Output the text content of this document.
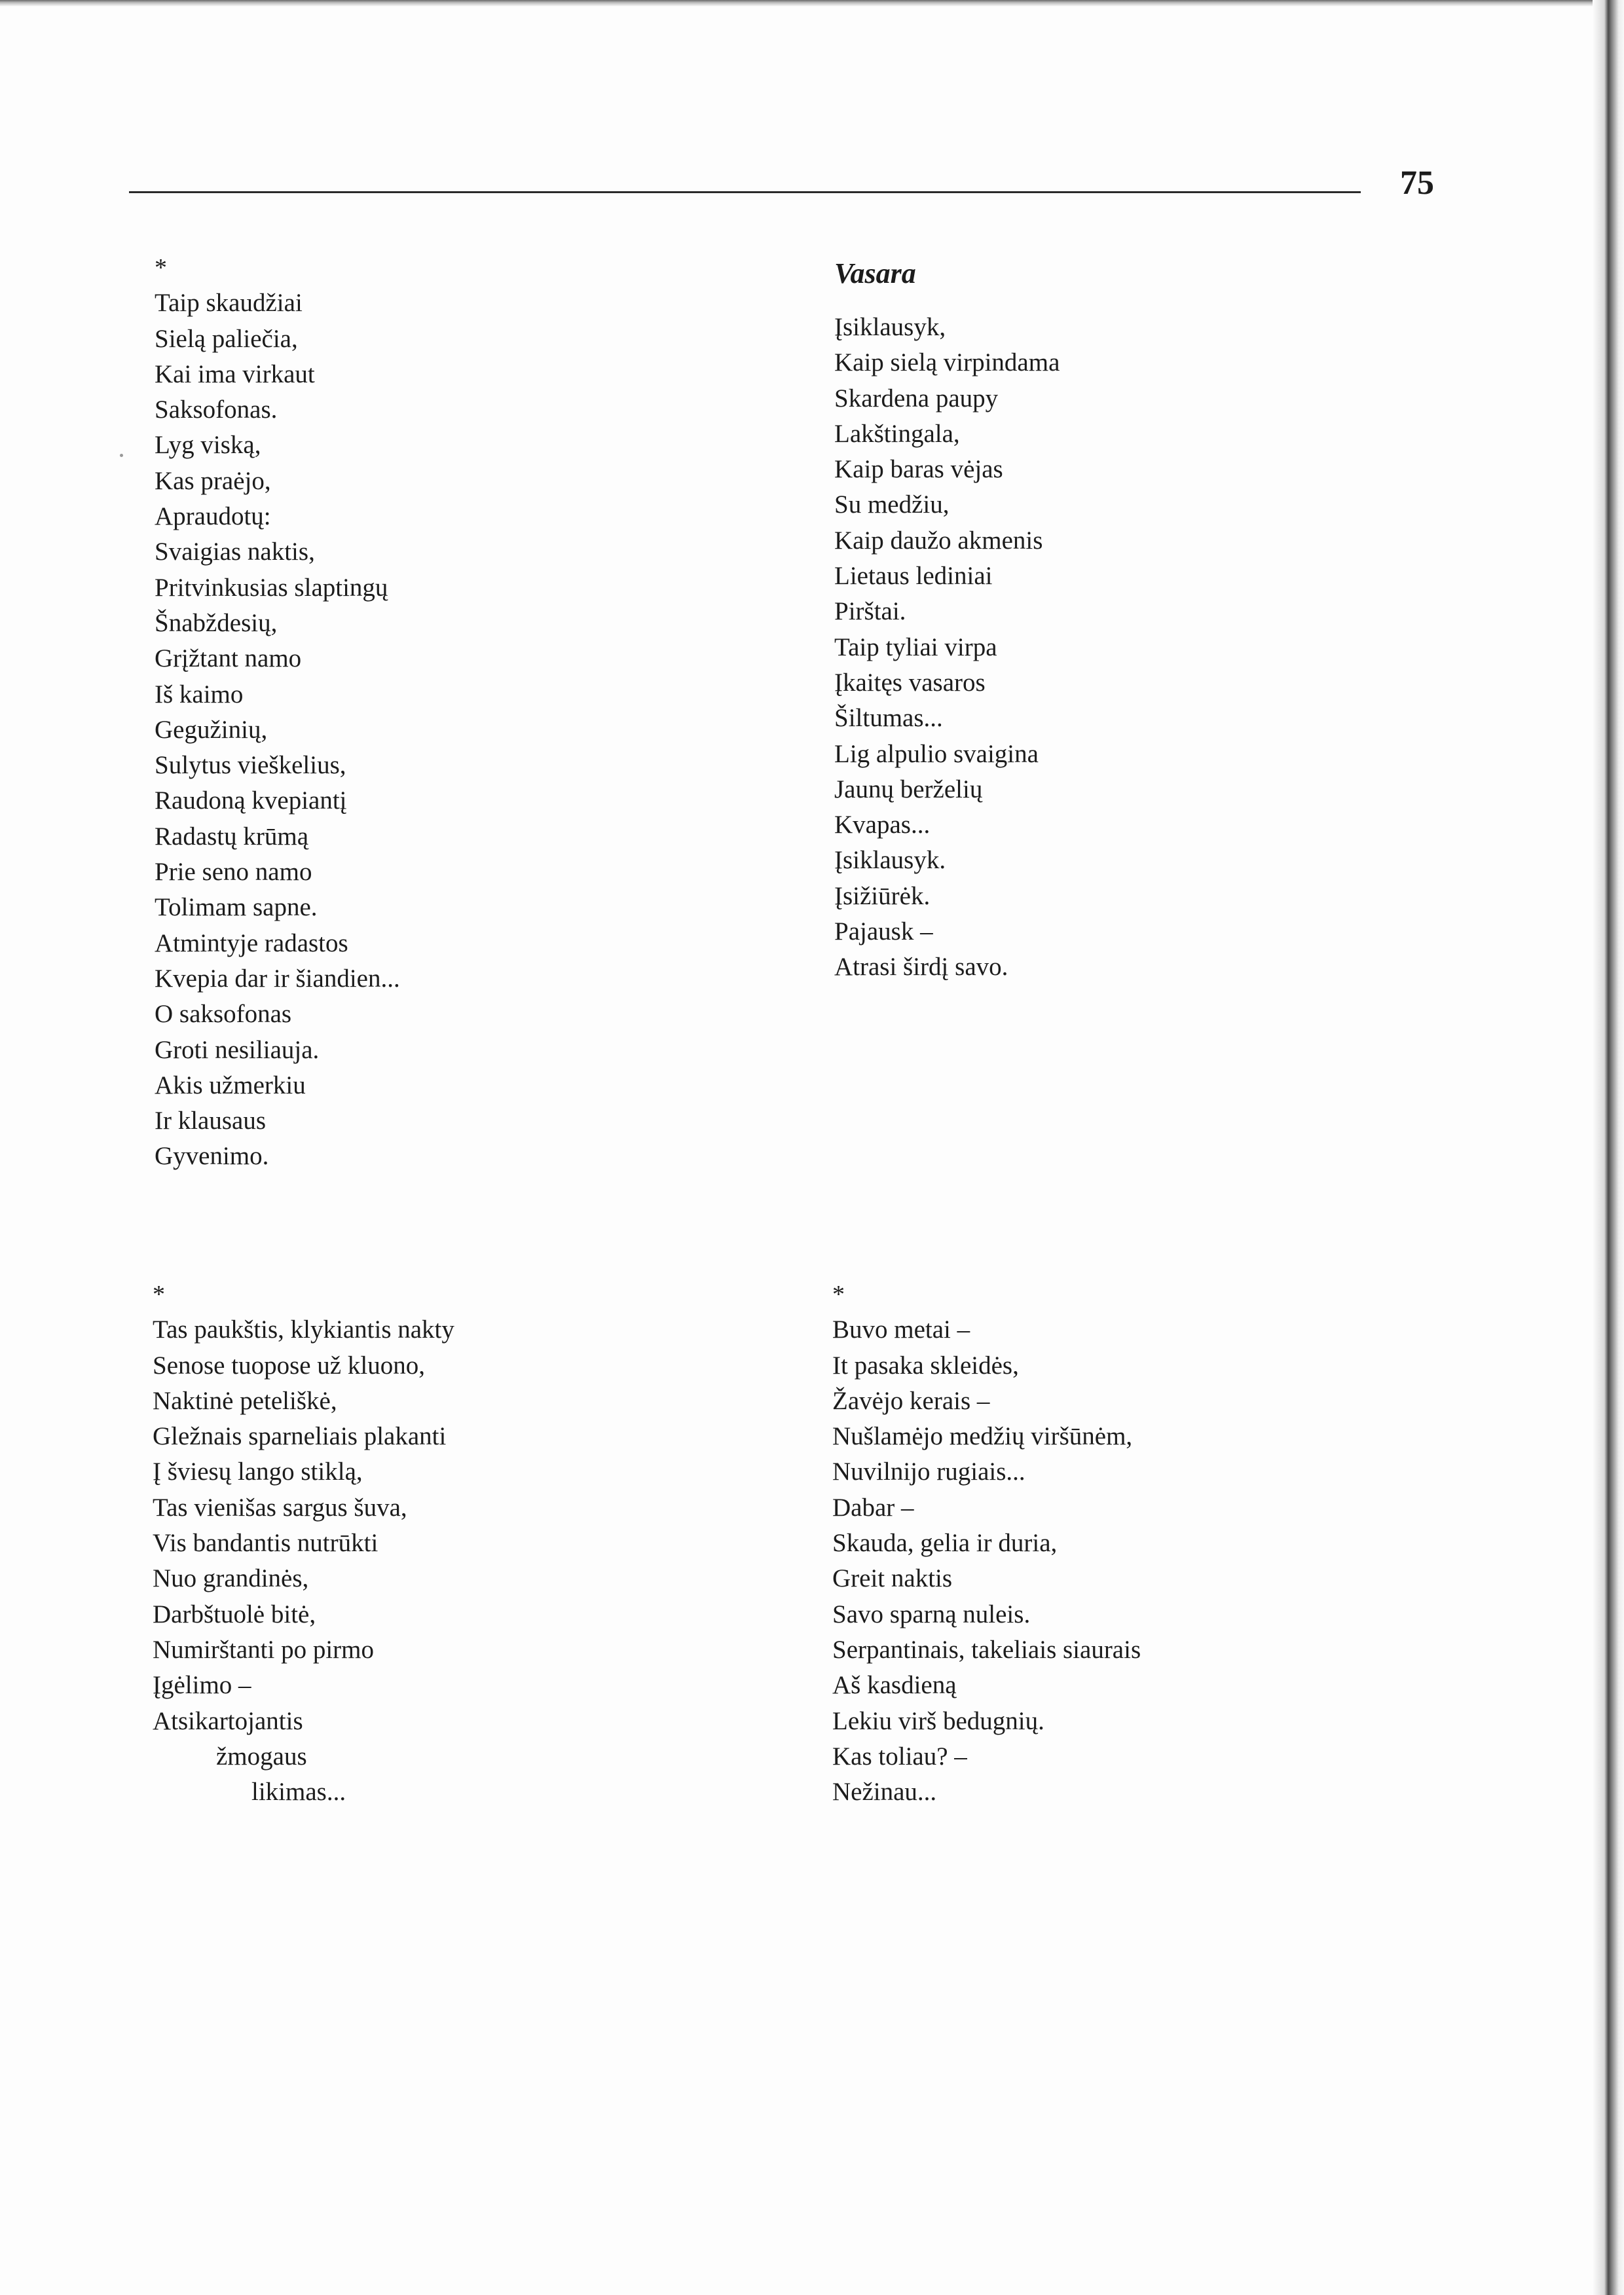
75
*
Taip skaudžiai
Sielą paliečia,
Kai ima virkaut
Saksofonas.
Lyg viską,
Kas praėjo,
Apraudotų:
Svaigias naktis,
Pritvinkusias slaptingų
Šnabždesių,
Grįžtant namo
Iš kaimo
Gegužinių,
Sulytus vieškelius,
Raudoną kvepiantį
Radastų krūmą
Prie seno namo
Tolimam sapne.
Atmintyje radastos
Kvepia dar ir šiandien...
O saksofonas
Groti nesiliauja.
Akis užmerkiu
Ir klausaus
Gyvenimo.
Vasara
Įsiklausyk,
Kaip sielą virpindama
Skardena paupy
Lakštingala,
Kaip baras vėjas
Su medžiu,
Kaip daužo akmenis
Lietaus lediniai
Pirštai.
Taip tyliai virpa
Įkaitęs vasaros
Šiltumas...
Lig alpulio svaigina
Jaunų berželių
Kvapas...
Įsiklausyk.
Įsižiūrėk.
Pajausk –
Atrasi širdį savo.
*
Tas paukštis, klykiantis nakty
Senose tuopose už kluono,
Naktinė peteliškė,
Gležnais sparneliais plakanti
Į šviesų lango stiklą,
Tas vienišas sargus šuva,
Vis bandantis nutrūkti
Nuo grandinės,
Darbštuolė bitė,
Numirštanti po pirmo
Įgėlimo –
Atsikartojantis
žmogaus
likimas...
*
Buvo metai –
It pasaka skleidės,
Žavėjo kerais –
Nušlamėjo medžių viršūnėm,
Nuvilnijo rugiais...
Dabar –
Skauda, gelia ir duria,
Greit naktis
Savo sparną nuleis.
Serpantinais, takeliais siaurais
Aš kasdieną
Lekiu virš bedugnių.
Kas toliau? –
Nežinau...
